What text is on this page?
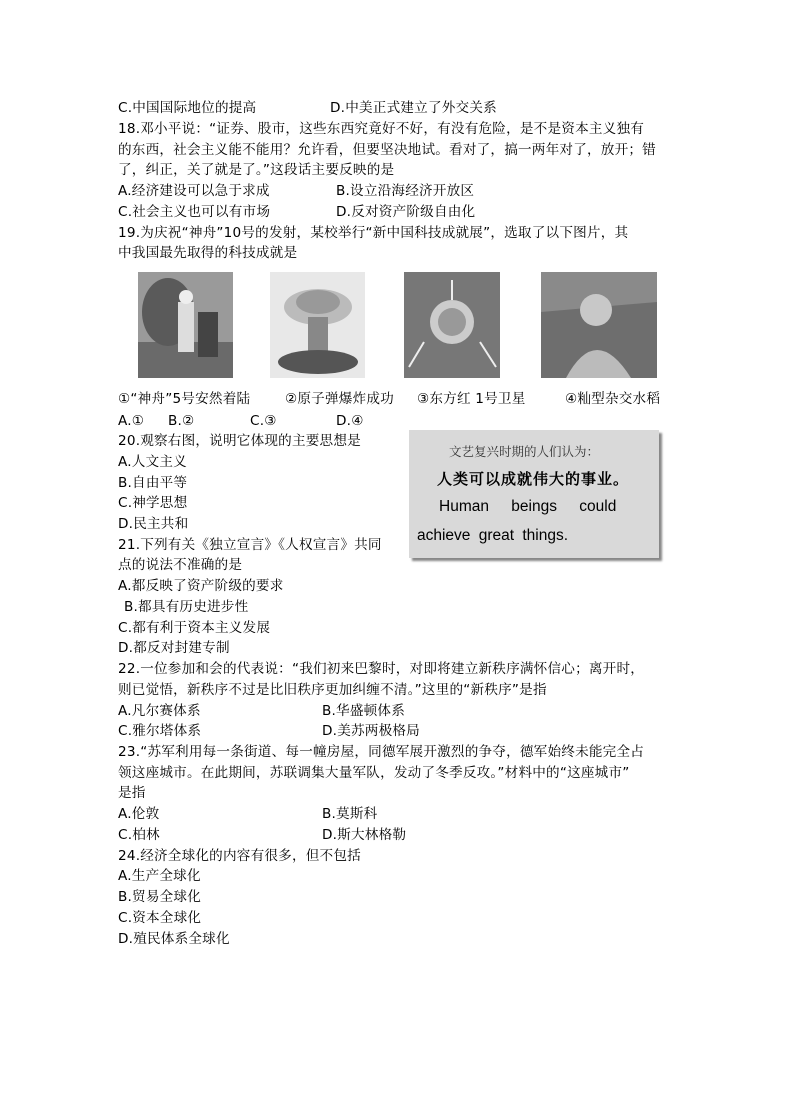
C.中国国际地位的提高	D.中美正式建立了外交关系
18.邓小平说：“证券、股市，这些东西究竟好不好，有没有危险，是不是资本主义独有
的东西，社会主义能不能用？允许看，但要坚决地试。看对了，搞一两年对了，放开；错
了，纠正，关了就是了。”这段话主要反映的是
A.经济建设可以急于求成	B.设立沿海经济开放区
C.社会主义也可以有市场	D.反对资产阶级自由化
19.为庆祝“神舟”10号的发射，某校举行“新中国科技成就展”，选取了以下图片，其
中我国最先取得的科技成就是
①“神舟”5号安然着陆	②原子弹爆炸成功 ③东方红 1号卫星	④籼型杂交水稻
A.① B.②	C.③	D.④
20.观察右图，说明它体现的主要思想是
A.人文主义
B.自由平等
C.神学思想
D.民主共和
文艺复兴时期的人们认为：
人类可以成就伟大的事业。
Human beings could
achieve great things.
21.下列有关《独立宣言》《人权宣言》共同
点的说法不准确的是
A.都反映了资产阶级的要求
B.都具有历史进步性
C.都有利于资本主义发展
D.都反对封建专制
22.一位参加和会的代表说：“我们初来巴黎时，对即将建立新秩序满怀信心；离开时，
则已觉悟，新秩序不过是比旧秩序更加纠缠不清。”这里的“新秩序”是指
A.凡尔赛体系	B.华盛顿体系
C.雅尔塔体系	D.美苏两极格局
23.“苏军利用每一条街道、每一幢房屋，同德军展开激烈的争夺，德军始终未能完全占
领这座城市。在此期间，苏联调集大量军队，发动了冬季反攻。”材料中的“这座城市”
是指
A.伦敦	B.莫斯科
C.柏林	D.斯大林格勒
24.经济全球化的内容有很多，但不包括
A.生产全球化
B.贸易全球化
C.资本全球化
D.殖民体系全球化
